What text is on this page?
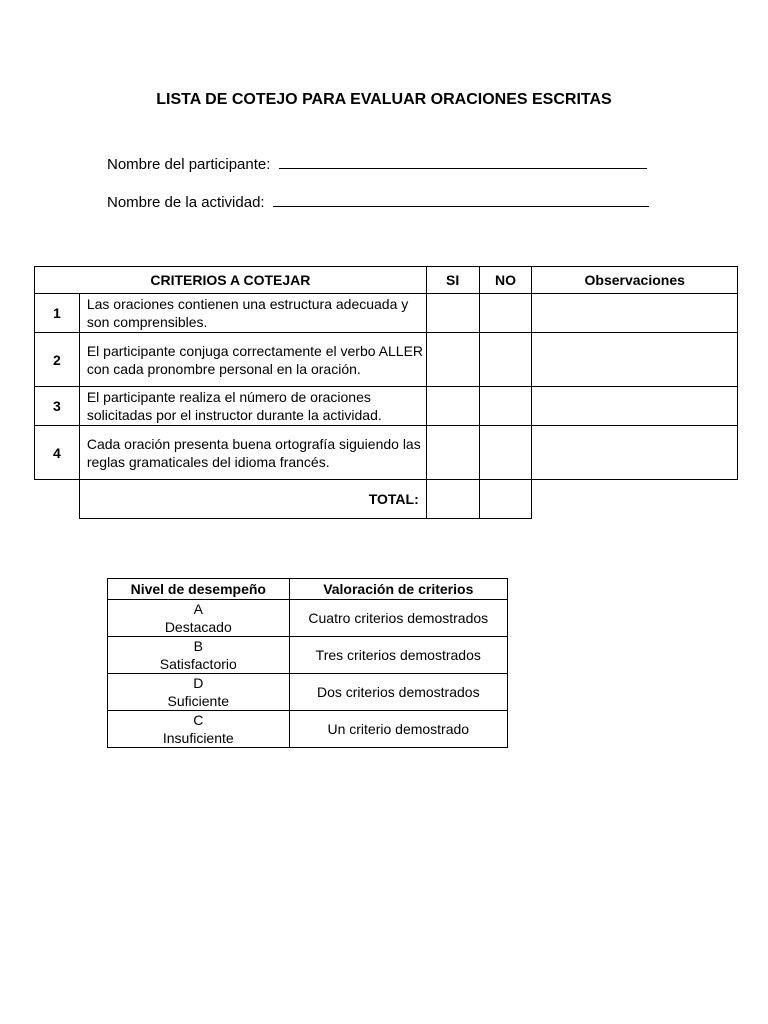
LISTA DE COTEJO PARA EVALUAR ORACIONES ESCRITAS
Nombre del participante:
Nombre de la actividad:
CRITERIOS A COTEJAR		SI	NO	Observaciones
1	Las oraciones contienen una estructura adecuada y son comprensibles.			
2	El participante conjuga correctamente el verbo ALLER con cada pronombre personal en la oración.			
3	El participante realiza el número de oraciones solicitadas por el instructor durante la actividad.			
4	Cada oración presenta buena ortografía siguiendo las reglas gramaticales del idioma francés.			
	TOTAL:			
Nivel de desempeño	Valoración de criterios

A
Destacado	Cuatro criterios demostrados

B
Satisfactorio	Tres criterios demostrados

D
Suficiente	Dos criterios demostrados

C
Insuficiente	Un criterio demostrado
